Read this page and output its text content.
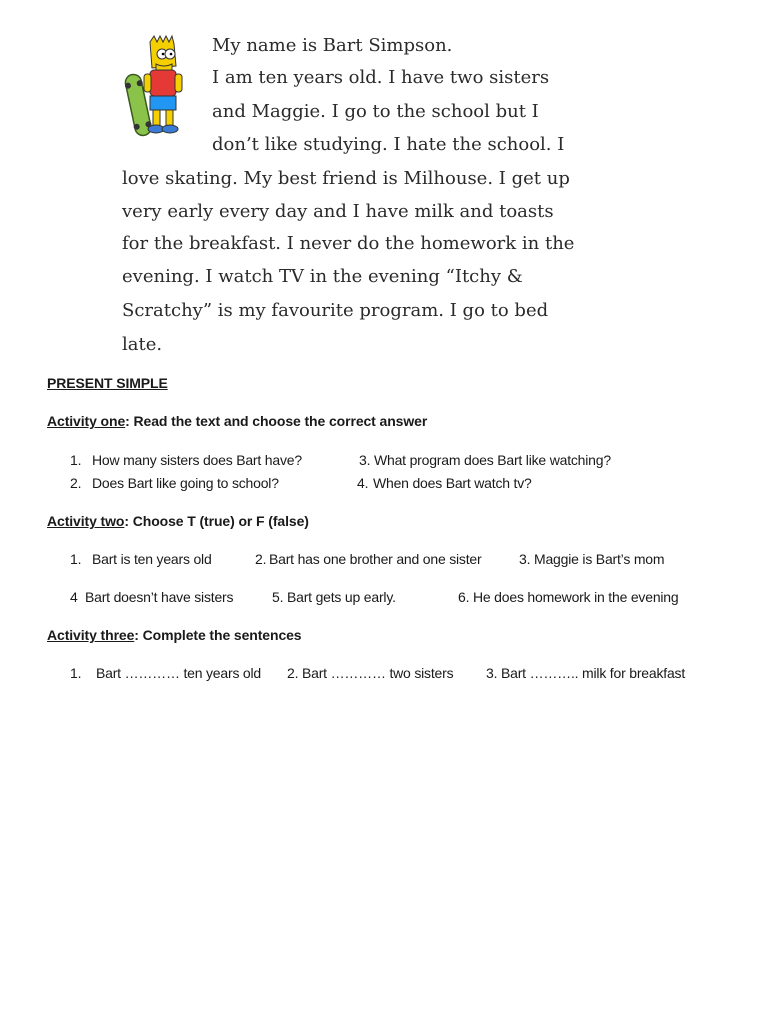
My name is Bart Simpson.
I am ten years old. I have two sisters
and Maggie. I go to the school but I
don’t like studying. I hate the school. I
love skating. My best friend is Milhouse. I get up
very early every day and I have milk and toasts
for the breakfast. I never do the homework in the
evening. I watch TV in the evening “Itchy &
Scratchy” is my favourite program. I go to bed
late.
PRESENT SIMPLE
Activity one: Read the text and choose the correct answer
1. How many sisters does Bart have?
2. Does Bart like going to school?
3. What program does Bart like watching?
4. When does Bart watch tv?
Activity two: Choose T (true) or F (false)
1. Bart is ten years old	2. Bart has one brother and one sister	3. Maggie is Bart’s mom
4 Bart doesn’t have sisters	5. Bart gets up early.	6. He does homework in the evening
Activity three: Complete the sentences
1. Bart ………… ten years old 2. Bart ………… two sisters 3. Bart ……….. milk for breakfast
